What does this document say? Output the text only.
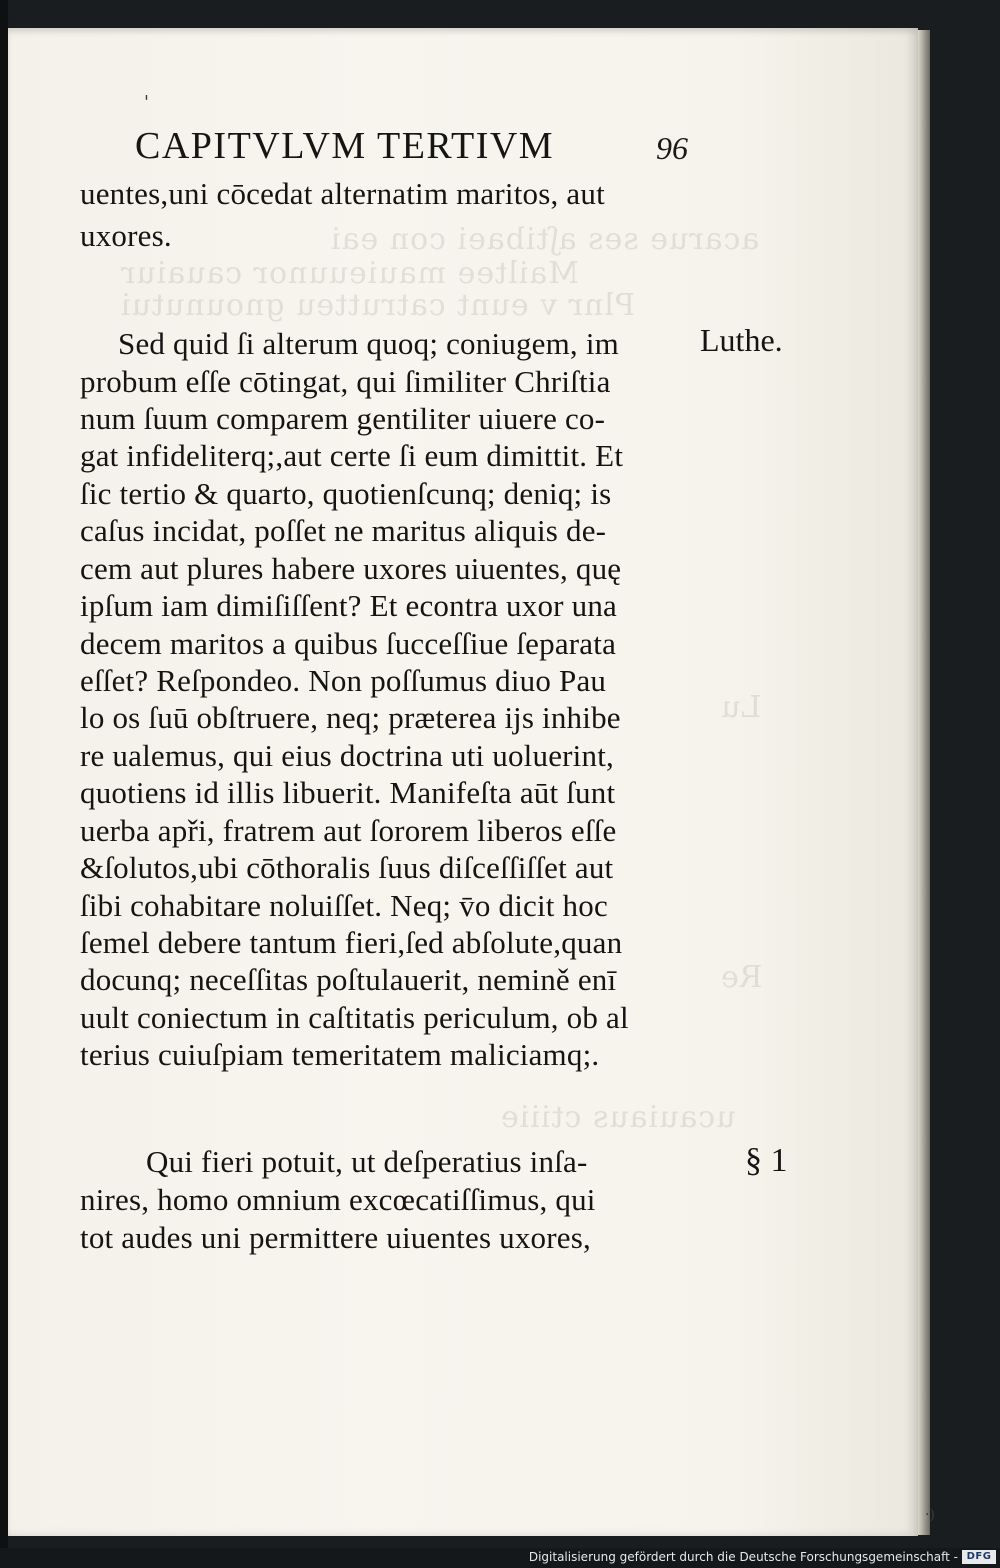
acarue ses aʃtibaei con eai
Mailtee mauieuunor cauaiur
Plnr v eunt catrutteu gnounutui
Lu
Re
ucauiaus ctiiie
'
CAPITVLVM TERTIVM	96
uentes,uni cōcedat alternatim maritos, aut
uxores.
Sed quid ſi alterum quoq; coniugem, im
probum eſſe cōtingat, qui ſimiliter Chriſtia
num ſuum comparem gentiliter uiuere co-
gat infideliterq;,aut certe ſi eum dimittit. Et
ſic tertio & quarto, quotienſcunq; deniq; is
caſus incidat, poſſet ne maritus aliquis de-
cem aut plures habere uxores uiuentes, quę
ipſum iam dimiſiſſent? Et econtra uxor una
decem maritos a quibus ſucceſſiue ſeparata
eſſet? Reſpondeo. Non poſſumus diuo Pau
lo os ſuū obſtruere, neq; præterea ĳs inhibe
re ualemus, qui eius doctrina uti uoluerint,
quotiens id illis libuerit. Manifeſta aūt ſunt
uerba apři, fratrem aut ſororem liberos eſſe
&ſolutos,ubi cōthoralis ſuus diſceſſiſſet aut
ſibi cohabitare noluiſſet. Neq; v̄o dicit hoc
ſemel debere tantum fieri,ſed abſolute,quan
docunq; neceſſitas poſtulauerit, nemině enī
uult coniectum in caſtitatis periculum, ob al
terius cuiuſpiam temeritatem maliciamq;.
Qui fieri potuit, ut deſperatius inſa-
nires, homo omnium excœcatiſſimus, qui
tot audes uni permittere uiuentes uxores,
Luthe.
§ 1
·)
Digitalisierung gefördert durch die Deutsche Forschungsgemeinschaft - DFG
